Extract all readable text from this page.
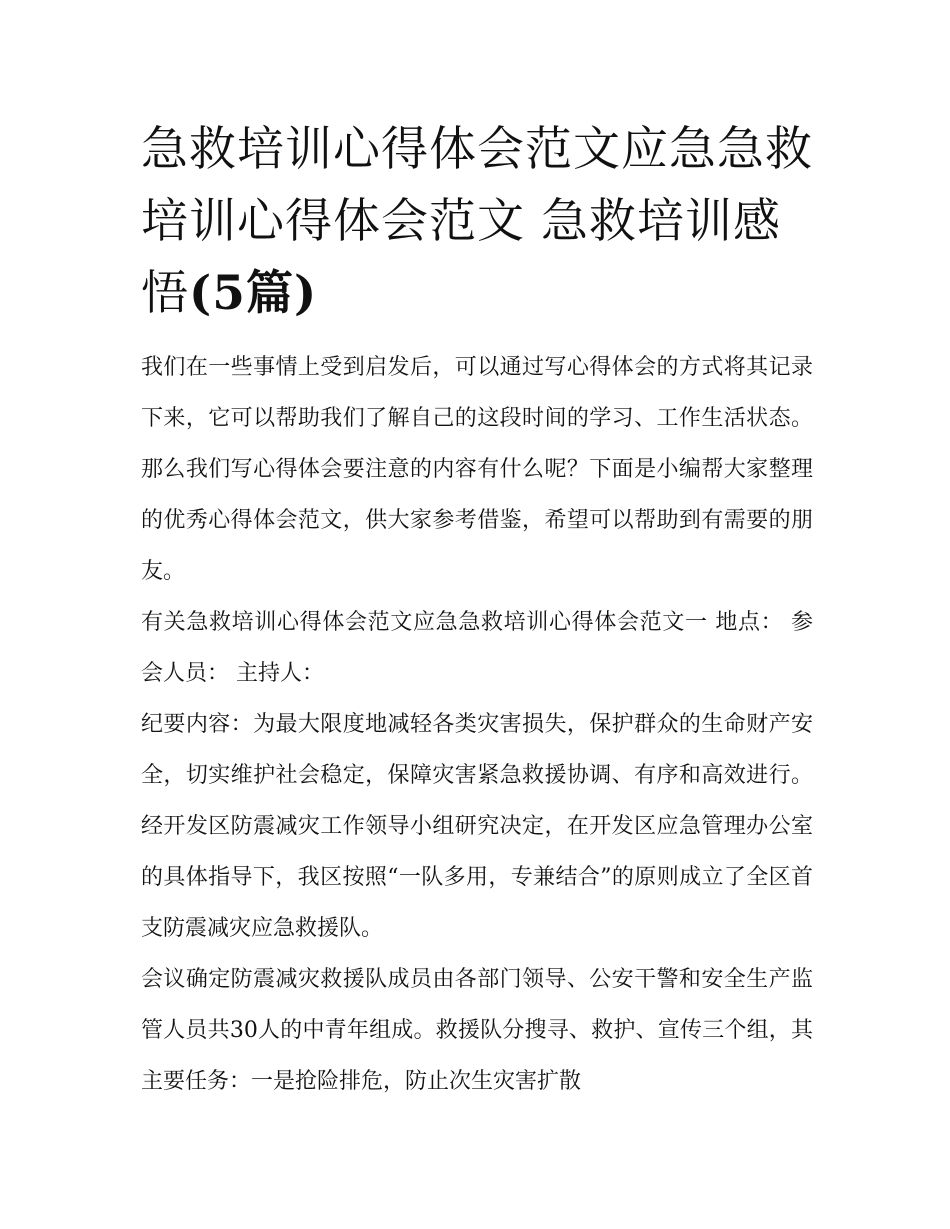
急救培训心得体会范文应急急救培训心得体会范文 急救培训感悟(5篇)

我们在一些事情上受到启发后，可以通过写心得体会的方式将其记录下来，它可以帮助我们了解自己的这段时间的学习、工作生活状态。那么我们写心得体会要注意的内容有什么呢？下面是小编帮大家整理的优秀心得体会范文，供大家参考借鉴，希望可以帮助到有需要的朋友。

有关急救培训心得体会范文应急急救培训心得体会范文一 地点： 参会人员： 主持人：

纪要内容：为最大限度地减轻各类灾害损失，保护群众的生命财产安全，切实维护社会稳定，保障灾害紧急救援协调、有序和高效进行。经开发区防震减灾工作领导小组研究决定，在开发区应急管理办公室的具体指导下，我区按照“一队多用，专兼结合”的原则成立了全区首支防震减灾应急救援队。

会议确定防震减灾救援队成员由各部门领导、公安干警和安全生产监管人员共30人的中青年组成。救援队分搜寻、救护、宣传三个组，其主要任务：一是抢险排危，防止次生灾害扩散
